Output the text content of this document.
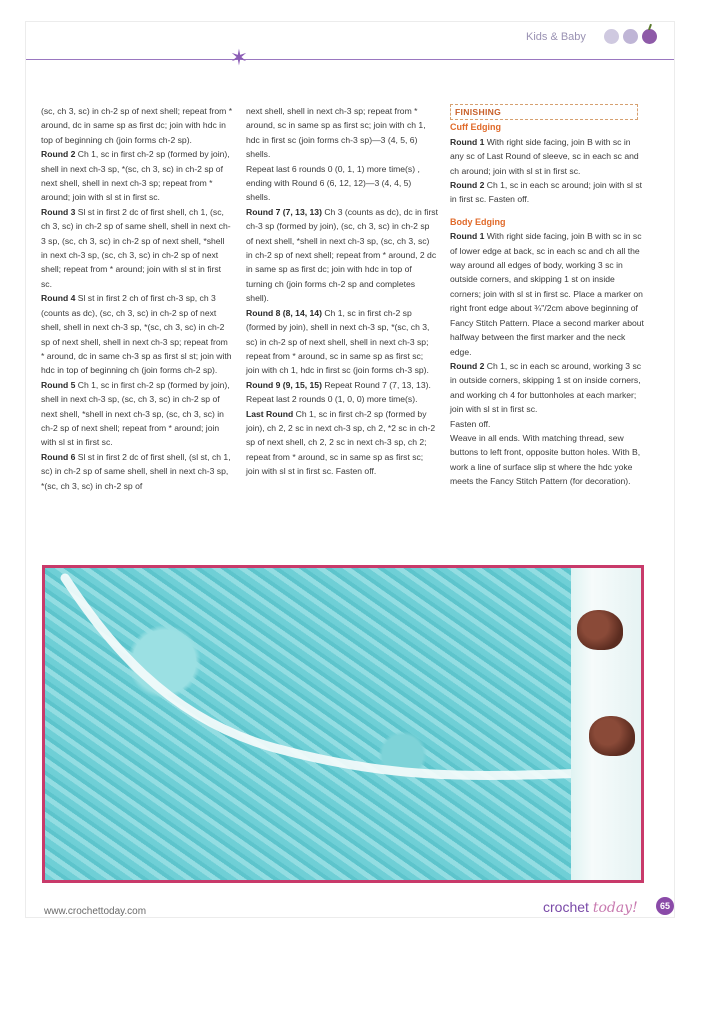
Kids & Baby
✶

(sc, ch 3, sc) in ch-2 sp of next shell; repeat from * around, dc in same sp as first dc; join with hdc in top of beginning ch (join forms ch-2 sp).

Round 2 Ch 1, sc in first ch-2 sp (formed by join), shell in next ch-3 sp, *(sc, ch 3, sc) in ch-2 sp of next shell, shell in next ch-3 sp; repeat from * around; join with sl st in first sc.

Round 3 Sl st in first 2 dc of first shell, ch 1, (sc, ch 3, sc) in ch-2 sp of same shell, shell in next ch-3 sp, (sc, ch 3, sc) in ch-2 sp of next shell, *shell in next ch-3 sp, (sc, ch 3, sc) in ch-2 sp of next shell; repeat from * around; join with sl st in first sc.

Round 4 Sl st in first 2 ch of first ch-3 sp, ch 3 (counts as dc), (sc, ch 3, sc) in ch-2 sp of next shell, shell in next ch-3 sp, *(sc, ch 3, sc) in ch-2 sp of next shell, shell in next ch-3 sp; repeat from * around, dc in same ch-3 sp as first sl st; join with hdc in top of beginning ch (join forms ch-2 sp).

Round 5 Ch 1, sc in first ch-2 sp (formed by join), shell in next ch-3 sp, (sc, ch 3, sc) in ch-2 sp of next shell, *shell in next ch-3 sp, (sc, ch 3, sc) in ch-2 sp of next shell; repeat from * around; join with sl st in first sc.

Round 6 Sl st in first 2 dc of first shell, (sl st, ch 1, sc) in ch-2 sp of same shell, shell in next ch-3 sp, *(sc, ch 3, sc) in ch-2 sp of

next shell, shell in next ch-3 sp; repeat from * around, sc in same sp as first sc; join with ch 1, hdc in first sc (join forms ch-3 sp)—3 (4, 5, 6) shells.

Repeat last 6 rounds 0 (0, 1, 1) more time(s) , ending with Round 6 (6, 12, 12)—3 (4, 4, 5) shells.

Round 7 (7, 13, 13) Ch 3 (counts as dc), dc in first ch-3 sp (formed by join), (sc, ch 3, sc) in ch-2 sp of next shell, *shell in next ch-3 sp, (sc, ch 3, sc) in ch-2 sp of next shell; repeat from * around, 2 dc in same sp as first dc; join with hdc in top of turning ch (join forms ch-2 sp and completes shell).

Round 8 (8, 14, 14) Ch 1, sc in first ch-2 sp (formed by join), shell in next ch-3 sp, *(sc, ch 3, sc) in ch-2 sp of next shell, shell in next ch-3 sp; repeat from * around, sc in same sp as first sc; join with ch 1, hdc in first sc (join forms ch-3 sp).

Round 9 (9, 15, 15) Repeat Round 7 (7, 13, 13).

Repeat last 2 rounds 0 (1, 0, 0) more time(s).

Last Round Ch 1, sc in first ch-2 sp (formed by join), ch 2, 2 sc in next ch-3 sp, ch 2, *2 sc in ch-2 sp of next shell, ch 2, 2 sc in next ch-3 sp, ch 2; repeat from * around, sc in same sp as first sc; join with sl st in first sc. Fasten off.

FINISHING
Cuff Edging

Round 1 With right side facing, join B with sc in any sc of Last Round of sleeve, sc in each sc and ch around; join with sl st in first sc.

Round 2 Ch 1, sc in each sc around; join with sl st in first sc. Fasten off.

Body Edging

Round 1 With right side facing, join B with sc in sc of lower edge at back, sc in each sc and ch all the way around all edges of body, working 3 sc in outside corners, and skipping 1 st on inside corners; join with sl st in first sc. Place a marker on right front edge about ¾"/2cm above beginning of Fancy Stitch Pattern. Place a second marker about halfway between the first marker and the neck edge.

Round 2 Ch 1, sc in each sc around, working 3 sc in outside corners, skipping 1 st on inside corners, and working ch 4 for buttonholes at each marker; join with sl st in first sc.

Fasten off.

Weave in all ends. With matching thread, sew buttons to left front, opposite button holes. With B, work a line of surface slip st where the hdc yoke meets the Fancy Stitch Pattern (for decoration).

www.crochettoday.com	crochet today!	65
